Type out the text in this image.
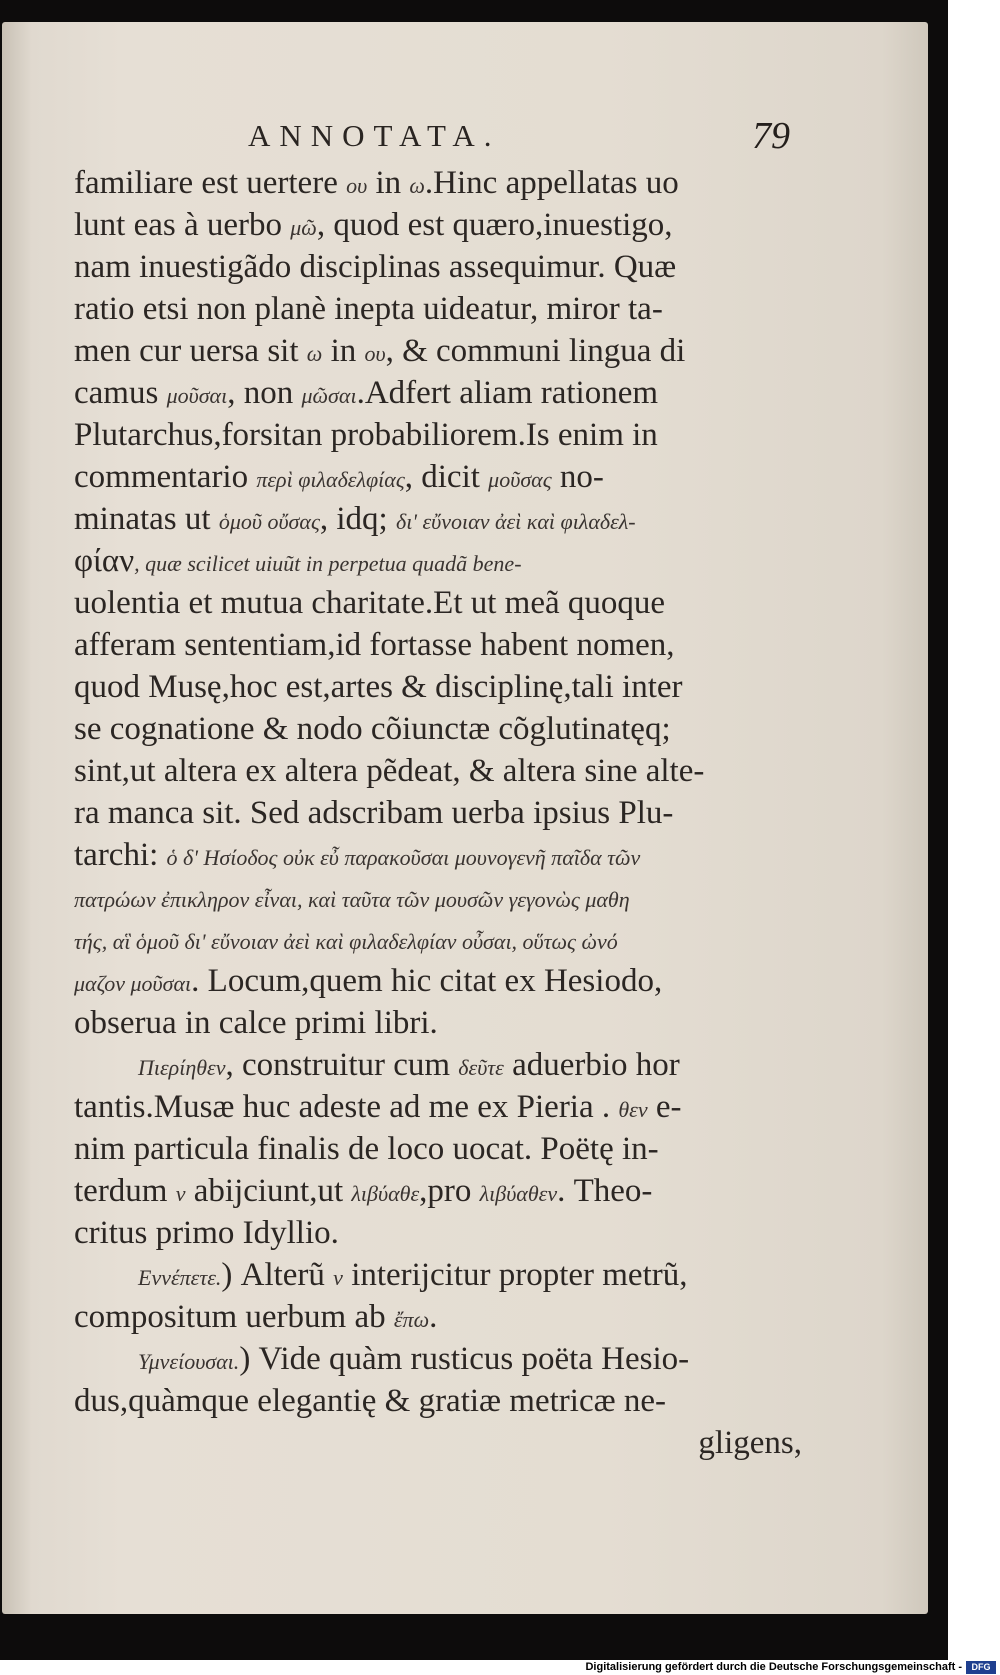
ANNOTATA.	79
familiare est uertere ου in ω.Hinc appellatas uo
lunt eas à uerbo μῶ, quod est quæro,inuestigo,
nam inuestigãdo disciplinas assequimur. Quæ
ratio etsi non planè inepta uideatur, miror ta-
men cur uersa sit ω in ου, & communi lingua di
camus μοῦσαι, non μῶσαι.Adfert aliam rationem
Plutarchus,forsitan probabiliorem.Is enim in
commentario περὶ φιλαδελφίας, dicit μοῦσας no-
minatas ut ὁμοῦ οὔσας, idq; δι' εὔνοιαν ἀεὶ καὶ φιλαδελ-
φίαν, quæ scilicet uiuũt in perpetua quadã bene-
uolentia et mutua charitate.Et ut meã quoque
afferam sententiam,id fortasse habent nomen,
quod Musę,hoc est,artes & disciplinę,tali inter
se cognatione & nodo cõiunctæ cõglutinatęq;
sint,ut altera ex altera pẽdeat, & altera sine alte-
ra manca sit. Sed adscribam uerba ipsius Plu-
tarchi: ὁ δ' Ησίοδος οὐκ εὖ παρακοῦσαι μουνογενῆ παῖδα τῶν
πατρώων ἐπικληρον εἶναι, καὶ ταῦτα τῶν μουσῶν γεγονὼς μαθη
τής, αἳ ὁμοῦ δι' εὔνοιαν ἀεὶ καὶ φιλαδελφίαν οὖσαι, οὕτως ὠνό
μαζον μοῦσαι. Locum,quem hic citat ex Hesiodo,
obserua in calce primi libri.
Πιερίηθεν, construitur cum δεῦτε aduerbio hor
tantis.Musæ huc adeste ad me ex Pieria . θεν e-
nim particula finalis de loco uocat. Poëtę in-
terdum ν abijciunt,ut λιβύαθε,pro λιβύαθεν. Theo-
critus primo Idyllio.
Εννέπετε.) Alterũ ν interijcitur propter metrũ,
compositum uerbum ab ἔπω.
Υμνείουσαι.) Vide quàm rusticus poëta Hesio-
dus,quàmque elegantię & gratiæ metricæ ne-
gligens,
Digitalisierung gefördert durch die Deutsche Forschungsgemeinschaft -	DFG
